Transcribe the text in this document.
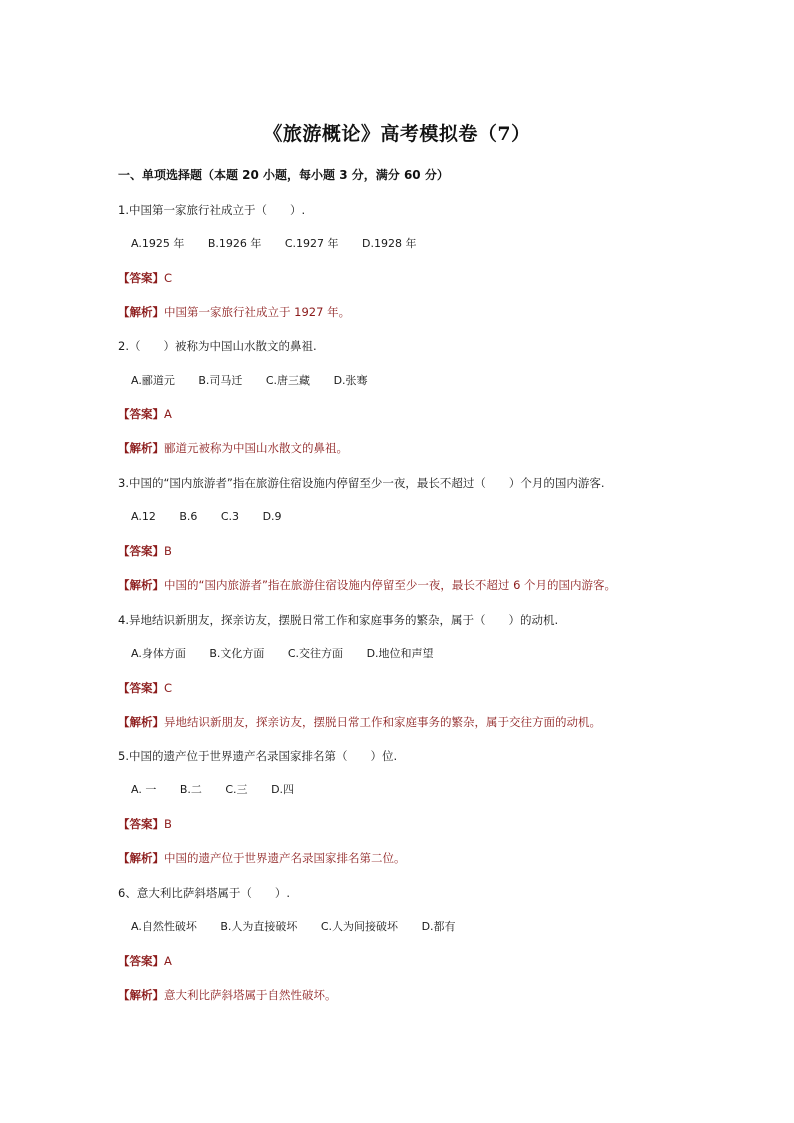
《旅游概论》高考模拟卷（7）
一、单项选择题（本题 20 小题，每小题 3 分，满分 60 分）
1.中国第一家旅行社成立于（　　）.
A.1925 年 B.1926 年 C.1927 年 D.1928 年
【答案】C
【解析】中国第一家旅行社成立于 1927 年。
2.（　　）被称为中国山水散文的鼻祖.
A.郦道元 B.司马迁 C.唐三藏 D.张骞
【答案】A
【解析】郦道元被称为中国山水散文的鼻祖。
3.中国的“国内旅游者”指在旅游住宿设施内停留至少一夜，最长不超过（　　）个月的国内游客.
A.12 B.6 C.3 D.9
【答案】B
【解析】中国的“国内旅游者”指在旅游住宿设施内停留至少一夜，最长不超过 6 个月的国内游客。
4.异地结识新朋友，探亲访友，摆脱日常工作和家庭事务的繁杂，属于（　　）的动机.
A.身体方面 B.文化方面 C.交往方面 D.地位和声望
【答案】C
【解析】异地结识新朋友，探亲访友，摆脱日常工作和家庭事务的繁杂，属于交往方面的动机。
5.中国的遗产位于世界遗产名录国家排名第（　　）位.
A. 一 B.二 C.三 D.四
【答案】B
【解析】中国的遗产位于世界遗产名录国家排名第二位。
6、意大利比萨斜塔属于（　　）.
A.自然性破坏 B.人为直接破坏 C.人为间接破坏 D.都有
【答案】A
【解析】意大利比萨斜塔属于自然性破坏。
